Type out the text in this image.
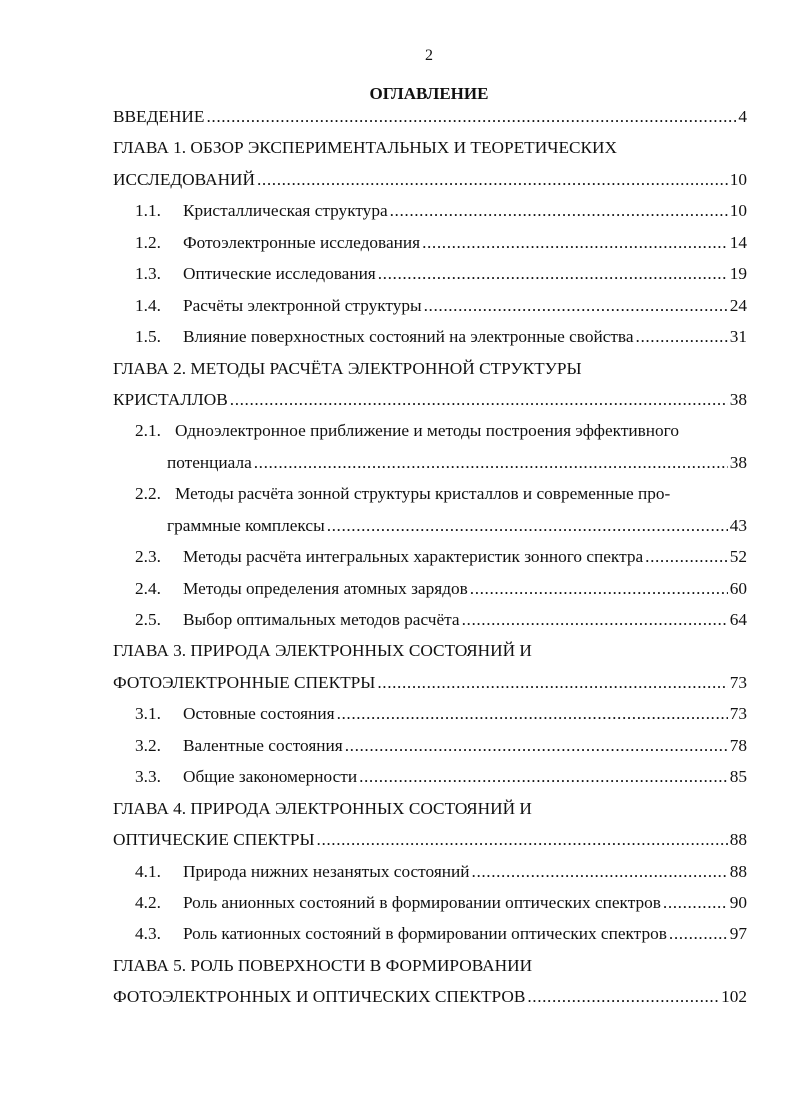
2
ОГЛАВЛЕНИЕ
ВВЕДЕНИЕ .....	4
ГЛАВА 1. ОБЗОР ЭКСПЕРИМЕНТАЛЬНЫХ И ТЕОРЕТИЧЕСКИХ
ИССЛЕДОВАНИЙ .....	10
1.1. Кристаллическая структура .....	10
1.2. Фотоэлектронные исследования .....	14
1.3. Оптические исследования .....	19
1.4. Расчёты электронной структуры .....	24
1.5. Влияние поверхностных состояний на электронные свойства .....	31
ГЛАВА 2. МЕТОДЫ РАСЧЁТА ЭЛЕКТРОННОЙ СТРУКТУРЫ
КРИСТАЛЛОВ .....	38
2.1. Одноэлектронное приближение и методы построения эффективного
потенциала .....	38
2.2. Методы расчёта зонной структуры кристаллов и современные про-
граммные комплексы .....	43
2.3. Методы расчёта интегральных характеристик зонного спектра .....	52
2.4. Методы определения атомных зарядов .....	60
2.5. Выбор оптимальных методов расчёта .....	64
ГЛАВА 3. ПРИРОДА ЭЛЕКТРОННЫХ СОСТОЯНИЙ И
ФОТОЭЛЕКТРОННЫЕ СПЕКТРЫ .....	73
3.1. Остовные состояния .....	73
3.2. Валентные состояния .....	78
3.3. Общие закономерности .....	85
ГЛАВА 4. ПРИРОДА ЭЛЕКТРОННЫХ СОСТОЯНИЙ И
ОПТИЧЕСКИЕ СПЕКТРЫ .....	88
4.1. Природа нижних незанятых состояний .....	88
4.2. Роль анионных состояний в формировании оптических спектров .....	90
4.3. Роль катионных состояний в формировании оптических спектров .....	97
ГЛАВА 5. РОЛЬ ПОВЕРХНОСТИ В ФОРМИРОВАНИИ
ФОТОЭЛЕКТРОННЫХ И ОПТИЧЕСКИХ СПЕКТРОВ .....	102
